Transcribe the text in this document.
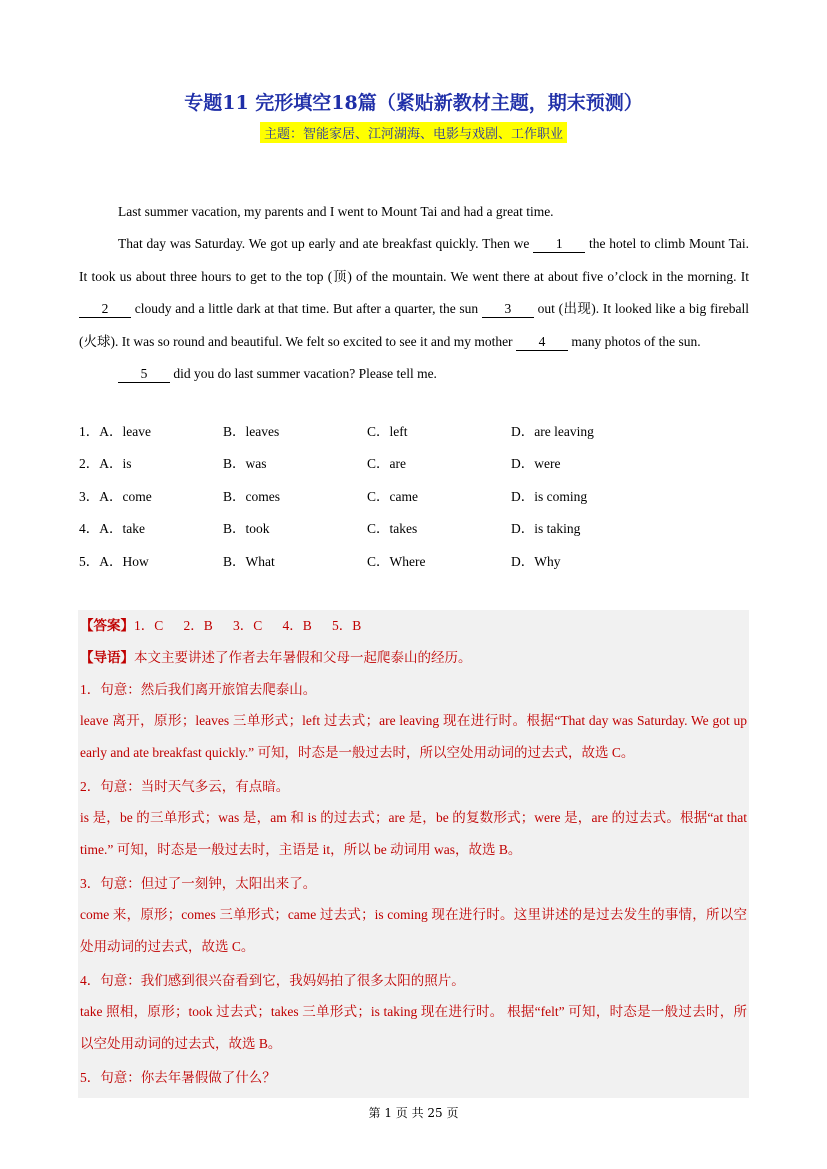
专题11 完形填空18篇（紧贴新教材主题，期末预测）
主题：智能家居、江河湖海、电影与戏剧、工作职业

Last summer vacation, my parents and I went to Mount Tai and had a great time.

That day was Saturday. We got up early and ate breakfast quickly. Then we 1 the hotel to climb Mount Tai. It took us about three hours to get to the top (顶) of the mountain. We went there at about five o’clock in the morning. It 2 cloudy and a little dark at that time. But after a quarter, the sun 3 out (出现). It looked like a big fireball (火球). It was so round and beautiful. We felt so excited to see it and my mother 4 many photos of the sun.

5 did you do last summer vacation? Please tell me.

1．A．leave	B．leaves	C．left	D．are leaving
2．A．is	B．was	C．are	D．were
3．A．come	B．comes	C．came	D．is coming
4．A．take	B．took	C．takes	D．is taking
5．A．How	B．What	C．Where	D．Why
【答案】1．C      2．B      3．C      4．B      5．B
【导语】本文主要讲述了作者去年暑假和父母一起爬泰山的经历。
1．句意：然后我们离开旅馆去爬泰山。
leave 离开，原形；leaves 三单形式；left 过去式；are leaving 现在进行时。根据“That day was Saturday. We got up early and ate breakfast quickly.” 可知，时态是一般过去时，所以空处用动词的过去式，故选 C。
2．句意：当时天气多云，有点暗。
is 是，be 的三单形式；was 是，am 和 is 的过去式；are 是，be 的复数形式；were 是，are 的过去式。根据“at that time.” 可知，时态是一般过去时，主语是 it，所以 be 动词用 was，故选 B。
3．句意：但过了一刻钟，太阳出来了。
come 来，原形；comes 三单形式；came 过去式；is coming 现在进行时。这里讲述的是过去发生的事情，所以空处用动词的过去式，故选 C。
4．句意：我们感到很兴奋看到它，我妈妈拍了很多太阳的照片。
take 照相，原形；took 过去式；takes 三单形式；is taking 现在进行时。 根据“felt” 可知，时态是一般过去时，所以空处用动词的过去式，故选 B。
5．句意：你去年暑假做了什么？
第 1 页 共 25 页
